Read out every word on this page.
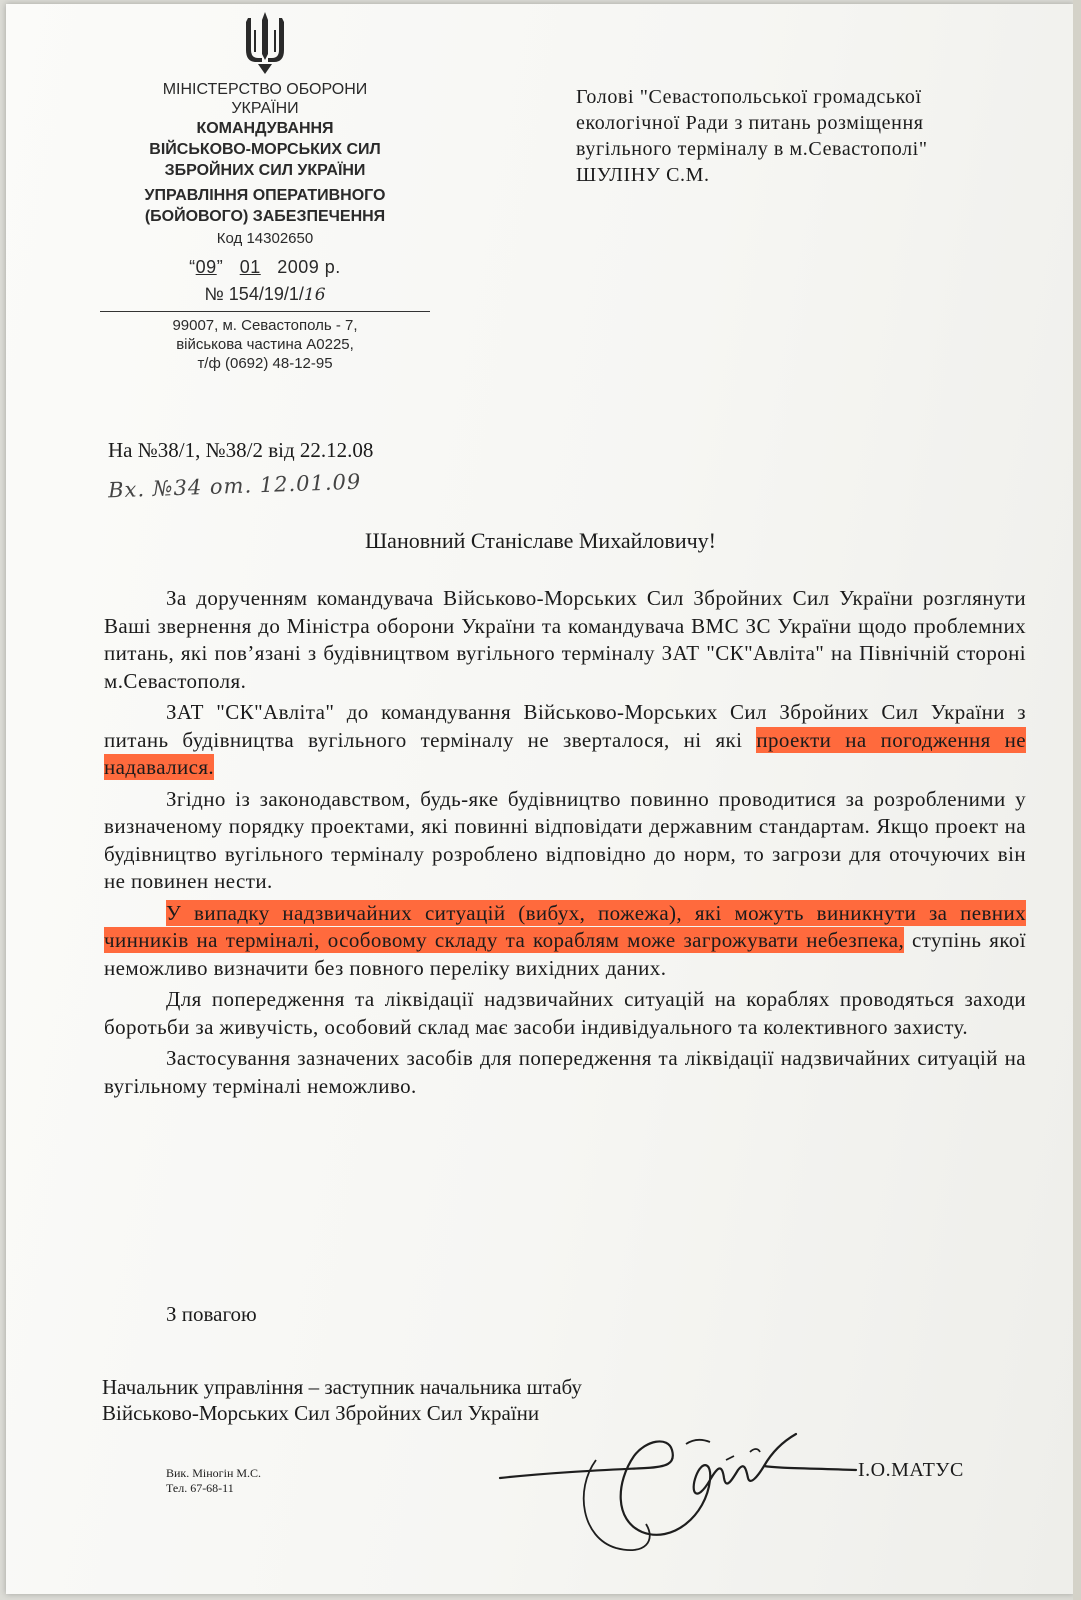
МІНІСТЕРСТВО ОБОРОНИ
УКРАЇНИ
КОМАНДУВАННЯ
ВІЙСЬКОВО-МОРСЬКИХ СИЛ
ЗБРОЙНИХ СИЛ УКРАЇНИ
УПРАВЛІННЯ ОПЕРАТИВНОГО
(БОЙОВОГО) ЗАБЕЗПЕЧЕННЯ
Код 14302650
“09”   01 2009 р.
№ 154/19/1/16
99007, м. Севастополь - 7,
військова частина А0225,
т/ф (0692) 48-12-95
Голові "Севастопольської громадської
екологічної Ради з питань розміщення
вугільного терміналу в м.Севастополі"
ШУЛІНУ С.М.
На №38/1, №38/2 від 22.12.08
Вх. №34 от. 12.01.09
Шановний Станіславе Михайловичу!

За дорученням командувача Військово-Морських Сил Збройних Сил України розглянути Ваші звернення до Міністра оборони України та командувача ВМС ЗС України щодо проблемних питань, які пов’язані з будівництвом вугільного терміналу ЗАТ "СК"Авліта" на Північній стороні м.Севастополя.

ЗАТ "СК"Авліта" до командування Військово-Морських Сил Збройних Сил України з питань будівництва вугільного терміналу не зверталося, ні які проекти на погодження не надавалися.

Згідно із законодавством, будь-яке будівництво повинно проводитися за розробленими у визначеному порядку проектами, які повинні відповідати державним стандартам. Якщо проект на будівництво вугільного терміналу розроблено відповідно до норм, то загрози для оточуючих він не повинен нести.

У випадку надзвичайних ситуацій (вибух, пожежа), які можуть виникнути за певних чинників на терміналі, особовому складу та кораблям може загрожувати небезпека, ступінь якої неможливо визначити без повного переліку вихідних даних.

Для попередження та ліквідації надзвичайних ситуацій на кораблях проводяться заходи боротьби за живучість, особовий склад має засоби індивідуального та колективного захисту.

Застосування зазначених засобів для попередження та ліквідації надзвичайних ситуацій на вугільному терміналі неможливо.

З повагою
Начальник управління – заступник начальника штабу
Військово-Морських Сил Збройних Сил України
І.О.МАТУС
Вик. Мiногiн М.С.
Тел. 67-68-11
